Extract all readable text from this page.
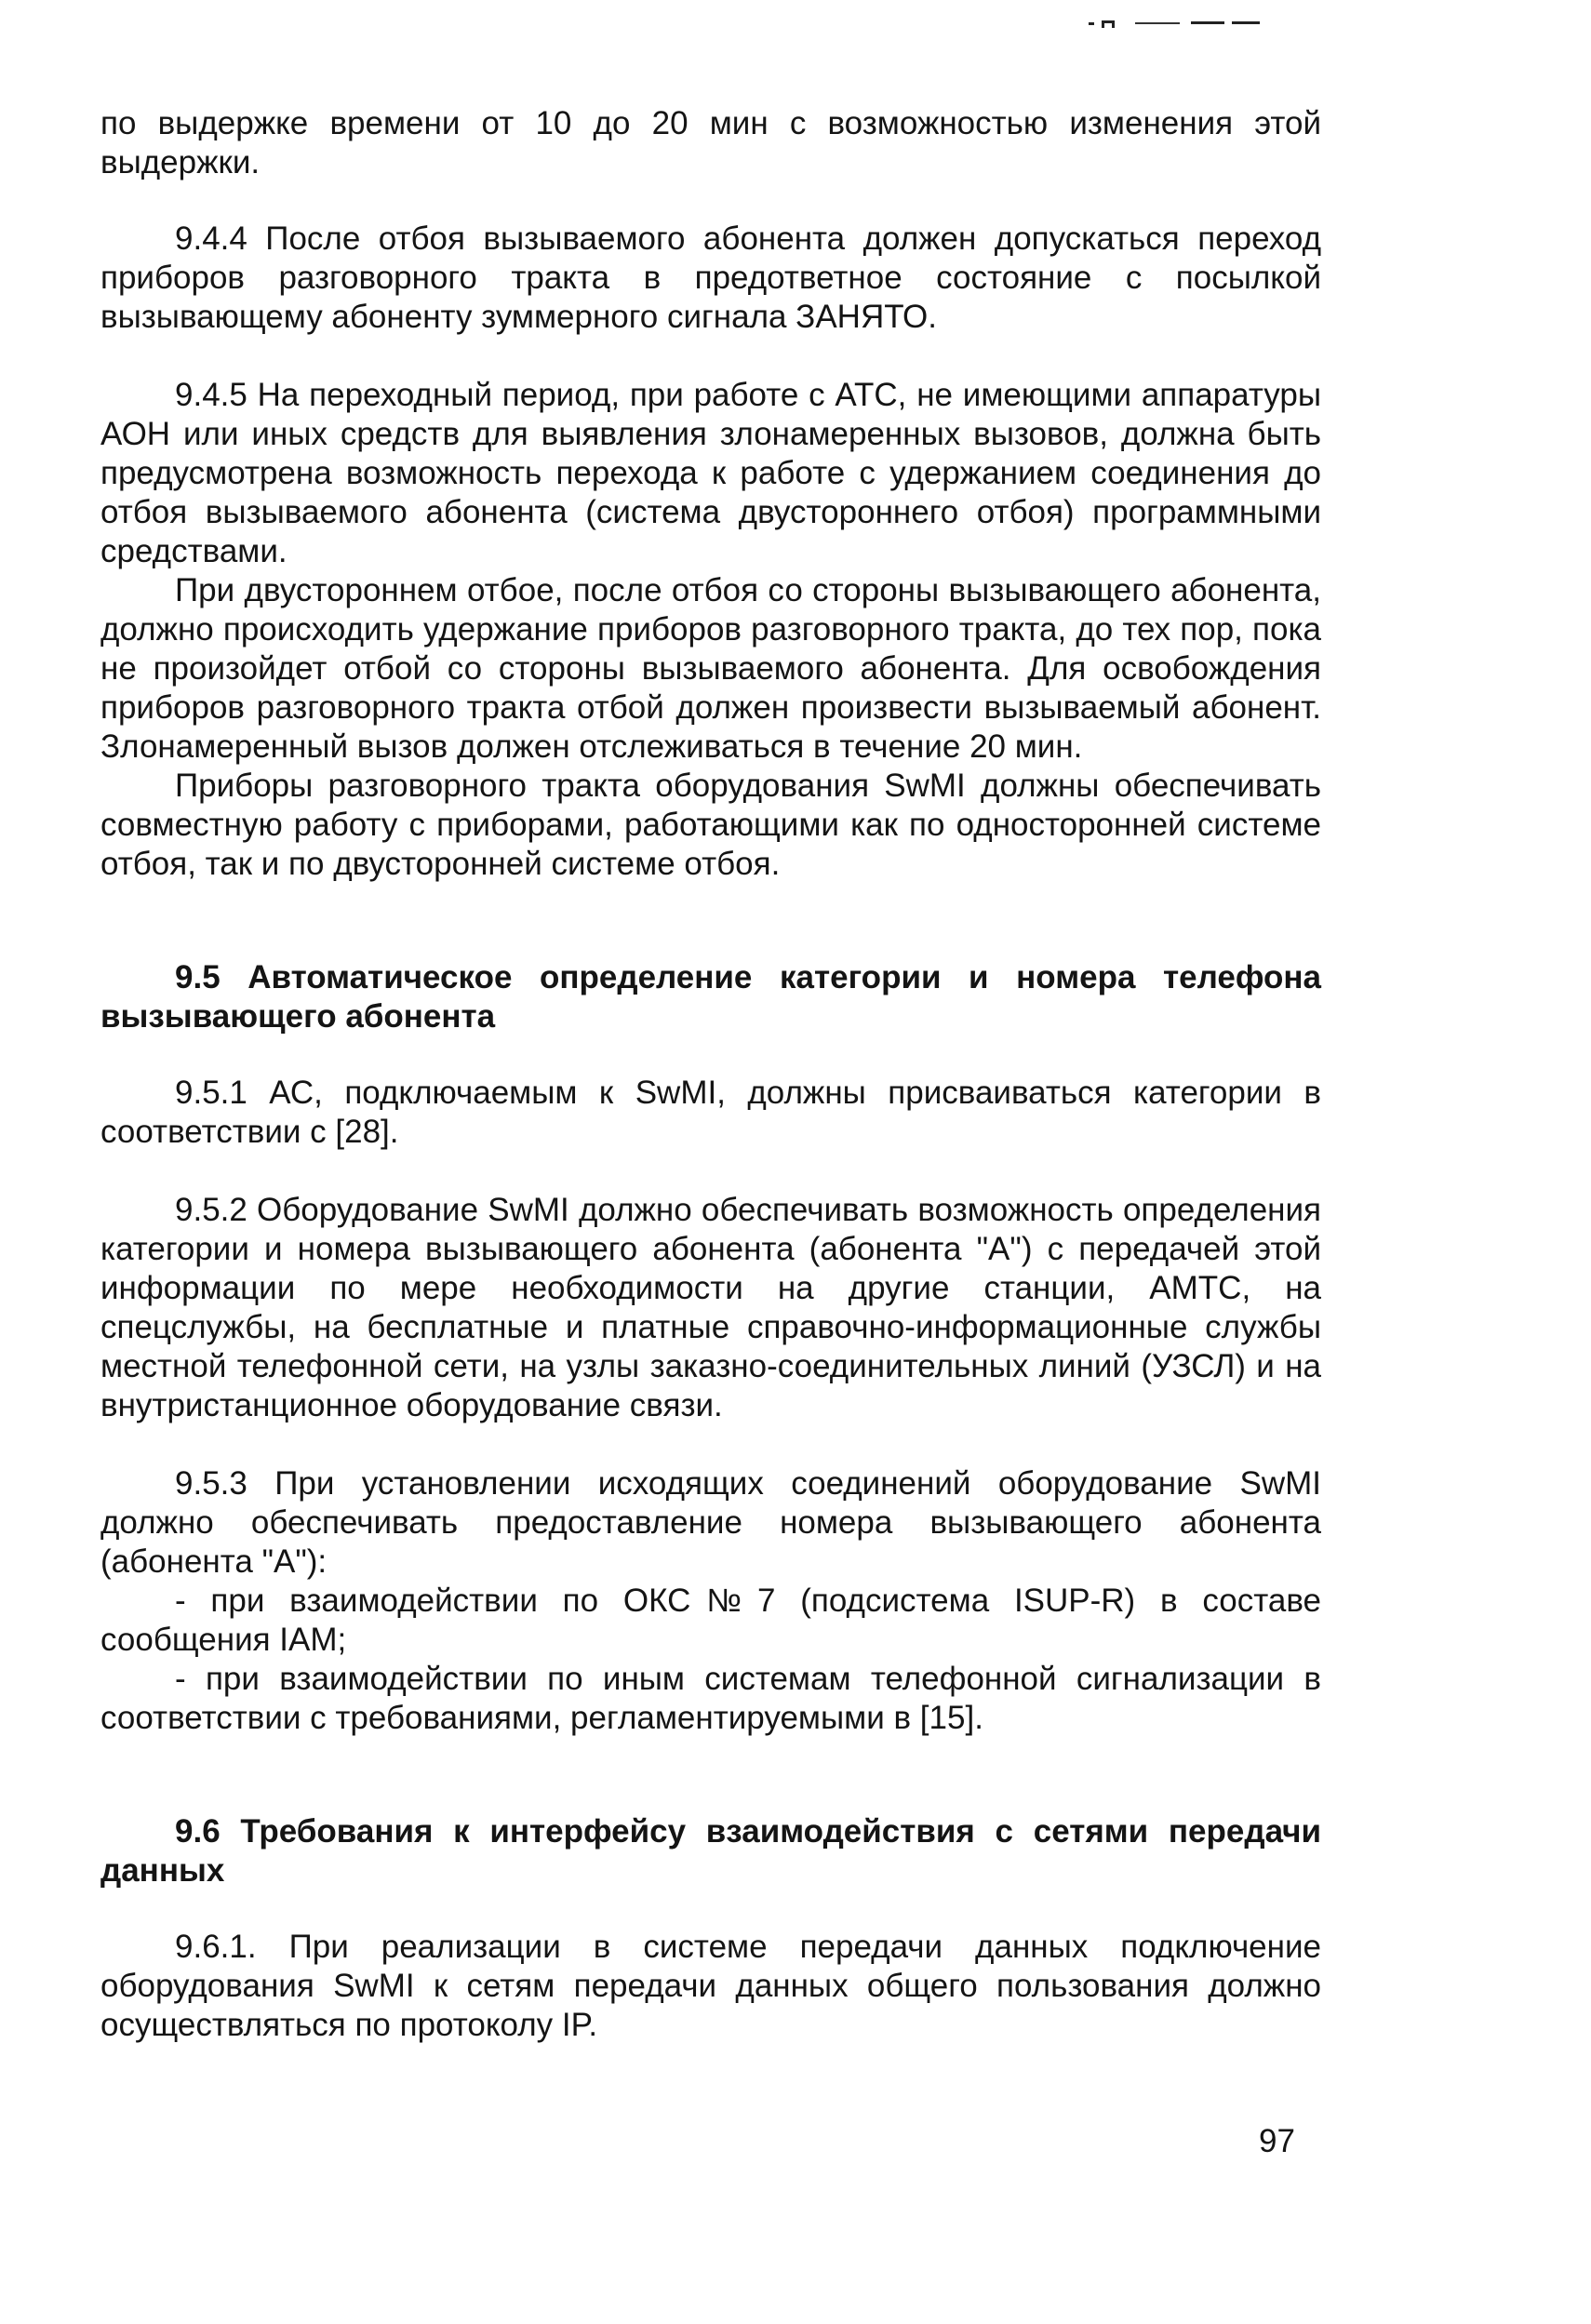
по выдержке времени от 10 до 20 мин с возможностью изменения этой выдержки.

9.4.4 После отбоя вызываемого абонента должен допускаться переход приборов разговорного тракта в предответное состояние с посылкой вызывающему абоненту зуммерного сигнала ЗАНЯТО.

9.4.5 На переходный период, при работе с АТС, не имеющими аппаратуры АОН или иных средств для выявления злонамеренных вызовов, должна быть предусмотрена возможность перехода к работе с удержанием соединения до отбоя вызываемого абонента (система двустороннего отбоя) программными средствами.

При двустороннем отбое, после отбоя со стороны вызывающего абонента, должно происходить удержание приборов разговорного тракта, до тех пор, пока не произойдет отбой со стороны вызываемого абонента. Для освобождения приборов разговорного тракта отбой должен произвести вызываемый абонент. Злонамеренный вызов должен отслеживаться в течение 20 мин.

Приборы разговорного тракта оборудования SwMI должны обеспечивать совместную работу с приборами, работающими как по односторонней системе отбоя, так и по двусторонней системе отбоя.

9.5 Автоматическое определение категории и номера телефона вызывающего абонента

9.5.1 АС, подключаемым к SwMI, должны присваиваться категории в соответствии с [28].

9.5.2 Оборудование SwMI должно обеспечивать возможность определения категории и номера вызывающего абонента (абонента "А") с передачей этой информации по мере необходимости на другие станции, АМТС, на спецслужбы, на бесплатные и платные справочно-информационные службы местной телефонной сети, на узлы заказно-соединительных линий (УЗСЛ) и на внутристанционное оборудование связи.

9.5.3 При установлении исходящих соединений оборудование SwMI должно обеспечивать предоставление номера вызывающего абонента (абонента "А"):

- при взаимодействии по ОКС№7 (подсистема ISUP-R) в составе сообщения IAM;

- при взаимодействии по иным системам телефонной сигнализации в соответствии с требованиями, регламентируемыми в [15].

9.6 Требования к интерфейсу взаимодействия с сетями передачи данных

9.6.1. При реализации в системе передачи данных подключение оборудования SwMI к сетям передачи данных общего пользования должно осуществляться по протоколу IP.

97
